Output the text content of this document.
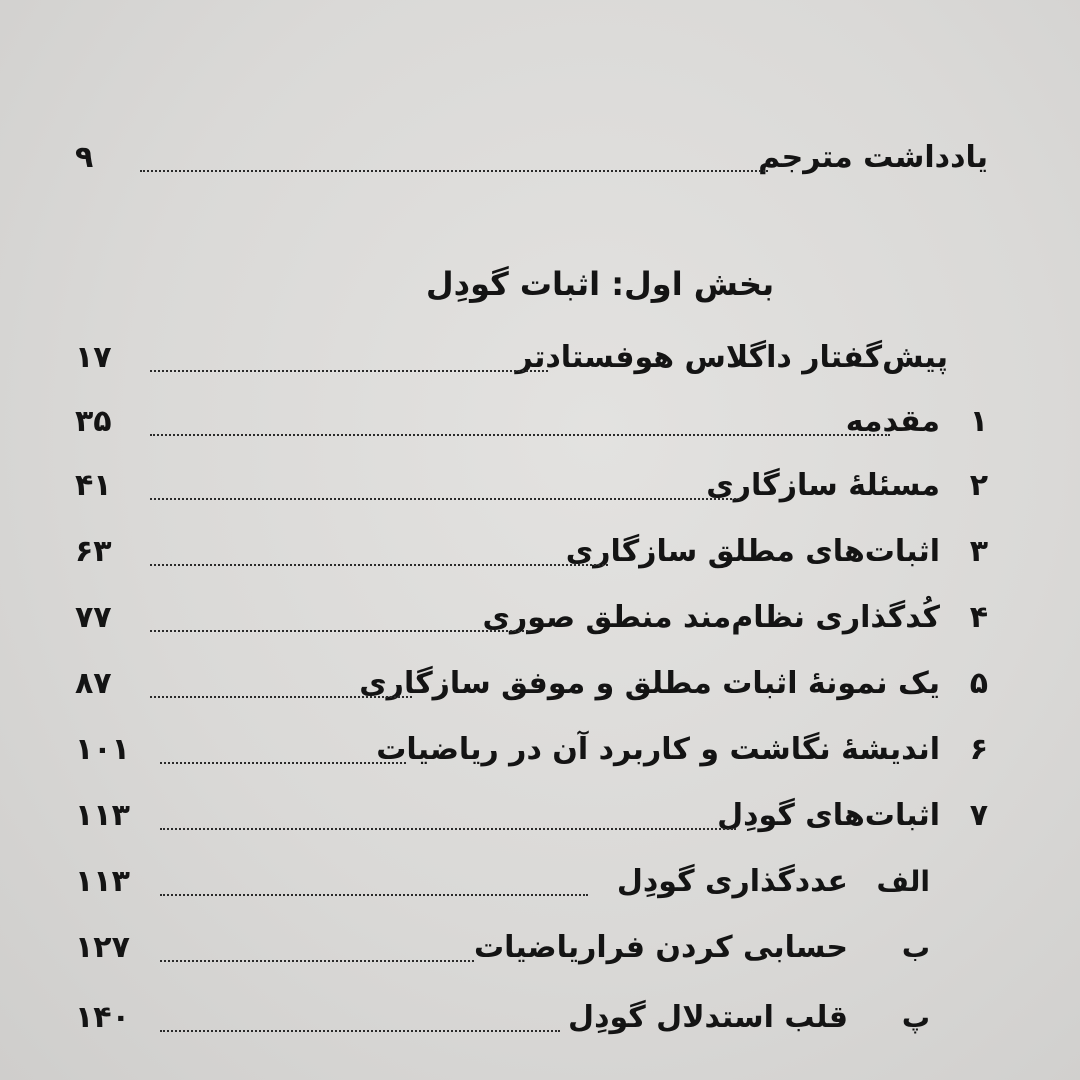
یادداشت مترجم
۹
بخش اول: اثبات گودِل
پیش‌گفتار داگلاس هوفستادتر
۱۷
۱
مقدمه
۳۵
۲
مسئلهٔ سازگاری
۴۱
۳
اثبات‌های مطلق سازگاری
۶۳
۴
کُدگذاری نظام‌مند منطق صوری
۷۷
۵
یک نمونهٔ اثبات مطلق و موفق سازگاری
۸۷
۶
اندیشهٔ نگاشت و کاربرد آن در ریاضیات
۱۰۱
۷
اثبات‌های گودِل
۱۱۳
الف
عددگذاری گودِل
۱۱۳
ب
حسابی کردن فراریاضیات
۱۲۷
پ
قلب استدلال گودِل
۱۴۰
